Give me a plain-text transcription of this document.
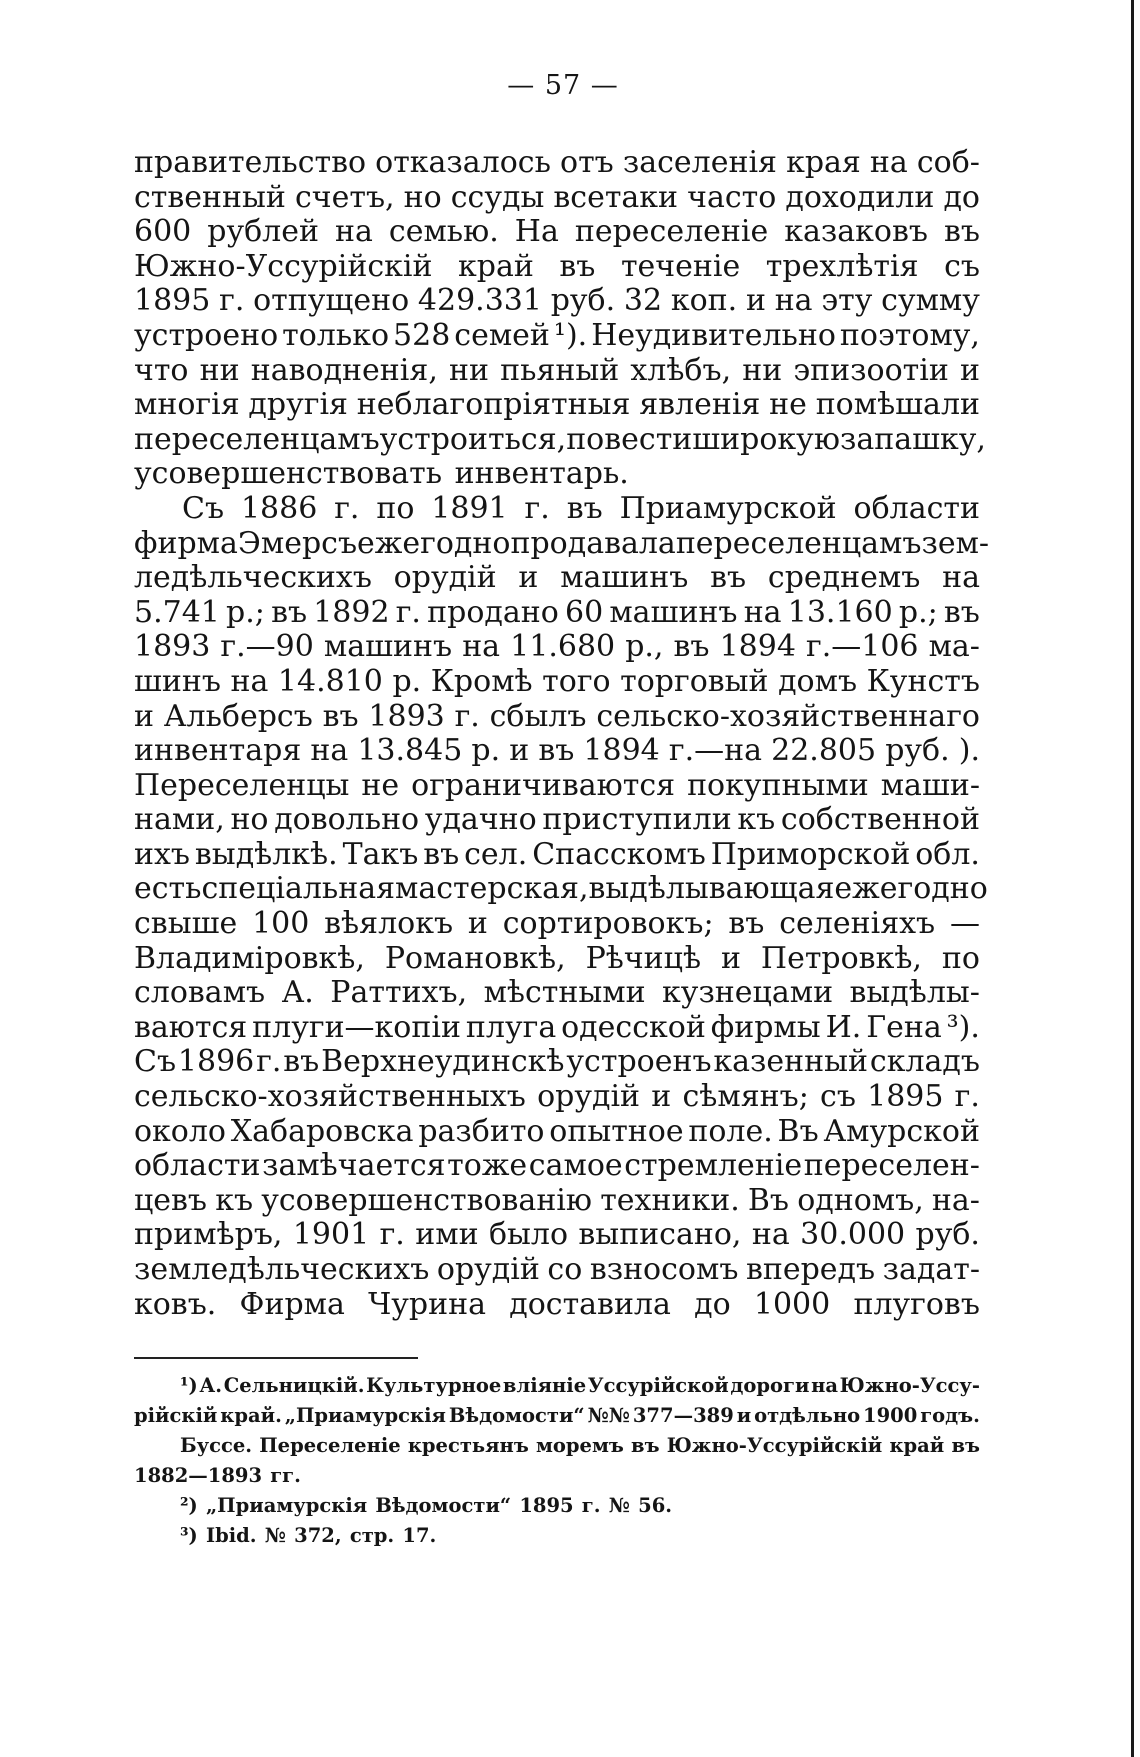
— 57 —
правительство отказалось отъ заселенія края на соб-
ственный счетъ, но ссуды всетаки часто доходили до
600 рублей на семью. На переселеніе казаковъ въ
Южно-Уссурійскій край въ теченіе трехлѣтія съ
1895 г. отпущено 429.331 руб. 32 коп. и на эту сумму
устроено только 528 семей ¹). Неудивительно поэтому,
что ни наводненія, ни пьяный хлѣбъ, ни эпизоотіи и
многія другія неблагопріятныя явленія не помѣшали
переселенцамъ устроиться, повести широкую запашку,
усовершенствовать инвентарь.
Съ 1886 г. по 1891 г. въ Приамурской области
фирма Эмерсъ ежегодно продавала переселенцамъ зем-
ледѣльческихъ орудій и машинъ въ среднемъ на
5.741 р.; въ 1892 г. продано 60 машинъ на 13.160 р.; въ
1893 г.—90 машинъ на 11.680 р., въ 1894 г.—106 ма-
шинъ на 14.810 р. Кромѣ того торговый домъ Кунстъ
и Альберсъ въ 1893 г. сбылъ сельско-хозяйственнаго
инвентаря на 13.845 р. и въ 1894 г.—на 22.805 руб. ).
Переселенцы не ограничиваются покупными маши-
нами, но довольно удачно приступили къ собственной
ихъ выдѣлкѣ. Такъ въ сел. Спасскомъ Приморской обл.
есть спеціальная мастерская, выдѣлывающая ежегодно
свыше 100 вѣялокъ и сортировокъ; въ селеніяхъ —
Владиміровкѣ, Романовкѣ, Рѣчицѣ и Петровкѣ, по
словамъ А. Раттихъ, мѣстными кузнецами выдѣлы-
ваются плуги—копіи плуга одесской фирмы И. Гена ³).
Съ 1896 г. въ Верхнеудинскѣ устроенъ казенный складъ
сельско-хозяйственныхъ орудій и сѣмянъ; съ 1895 г.
около Хабаровска разбито опытное поле. Въ Амурской
области замѣчается тоже самое стремленіе переселен-
цевъ къ усовершенствованію техники. Въ одномъ, на-
примѣръ, 1901 г. ими было выписано, на 30.000 руб.
земледѣльческихъ орудій со взносомъ впередъ задат-
ковъ. Фирма Чурина доставила до 1000 плуговъ
¹) А. Сельницкій. Культурное вліяніе Уссурійской дороги на Южно-Уссу-
рійскій край. „Приамурскія Вѣдомости“ №№ 377—389 и отдѣльно 1900 годъ.
Буссе. Переселеніе крестьянъ моремъ въ Южно-Уссурійскій край въ
1882—1893 гг.
²) „Приамурскія Вѣдомости“ 1895 г. № 56.
³) Ibid. № 372, стр. 17.
